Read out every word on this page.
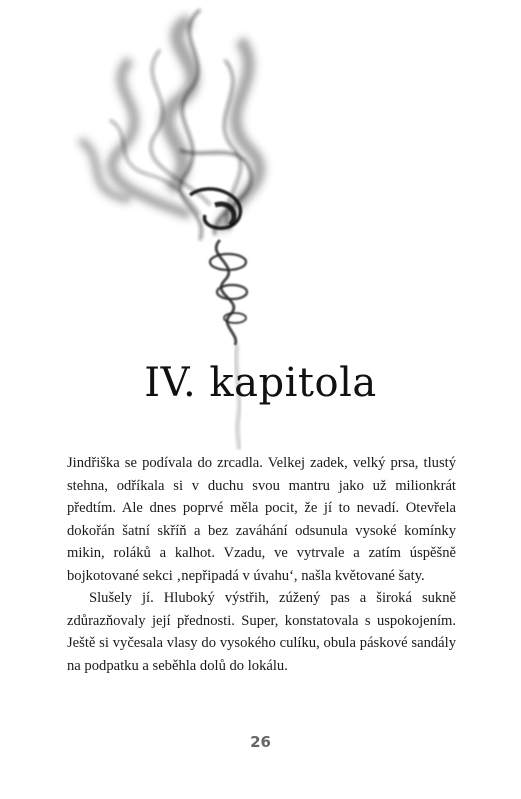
IV. kapitola

Jindřiška se podívala do zrcadla. Velkej zadek, velký prsa, tlustý stehna, odříkala si v duchu svou mantru jako už milionkrát předtím. Ale dnes poprvé měla pocit, že jí to nevadí. Otevřela dokořán šatní skříň a bez zaváhání odsunula vysoké komínky mikin, roláků a kalhot. Vzadu, ve vytrvale a zatím úspěšně bojkotované sekci ‚nepřipadá v úvahu‘, našla květované šaty.

Slušely jí. Hluboký výstřih, zúžený pas a široká sukně zdůrazňovaly její přednosti. Super, konstatovala s uspokojením. Ještě si vyčesala vlasy do vysokého culíku, obula páskové sandály na podpatku a seběhla dolů do lokálu.

26
